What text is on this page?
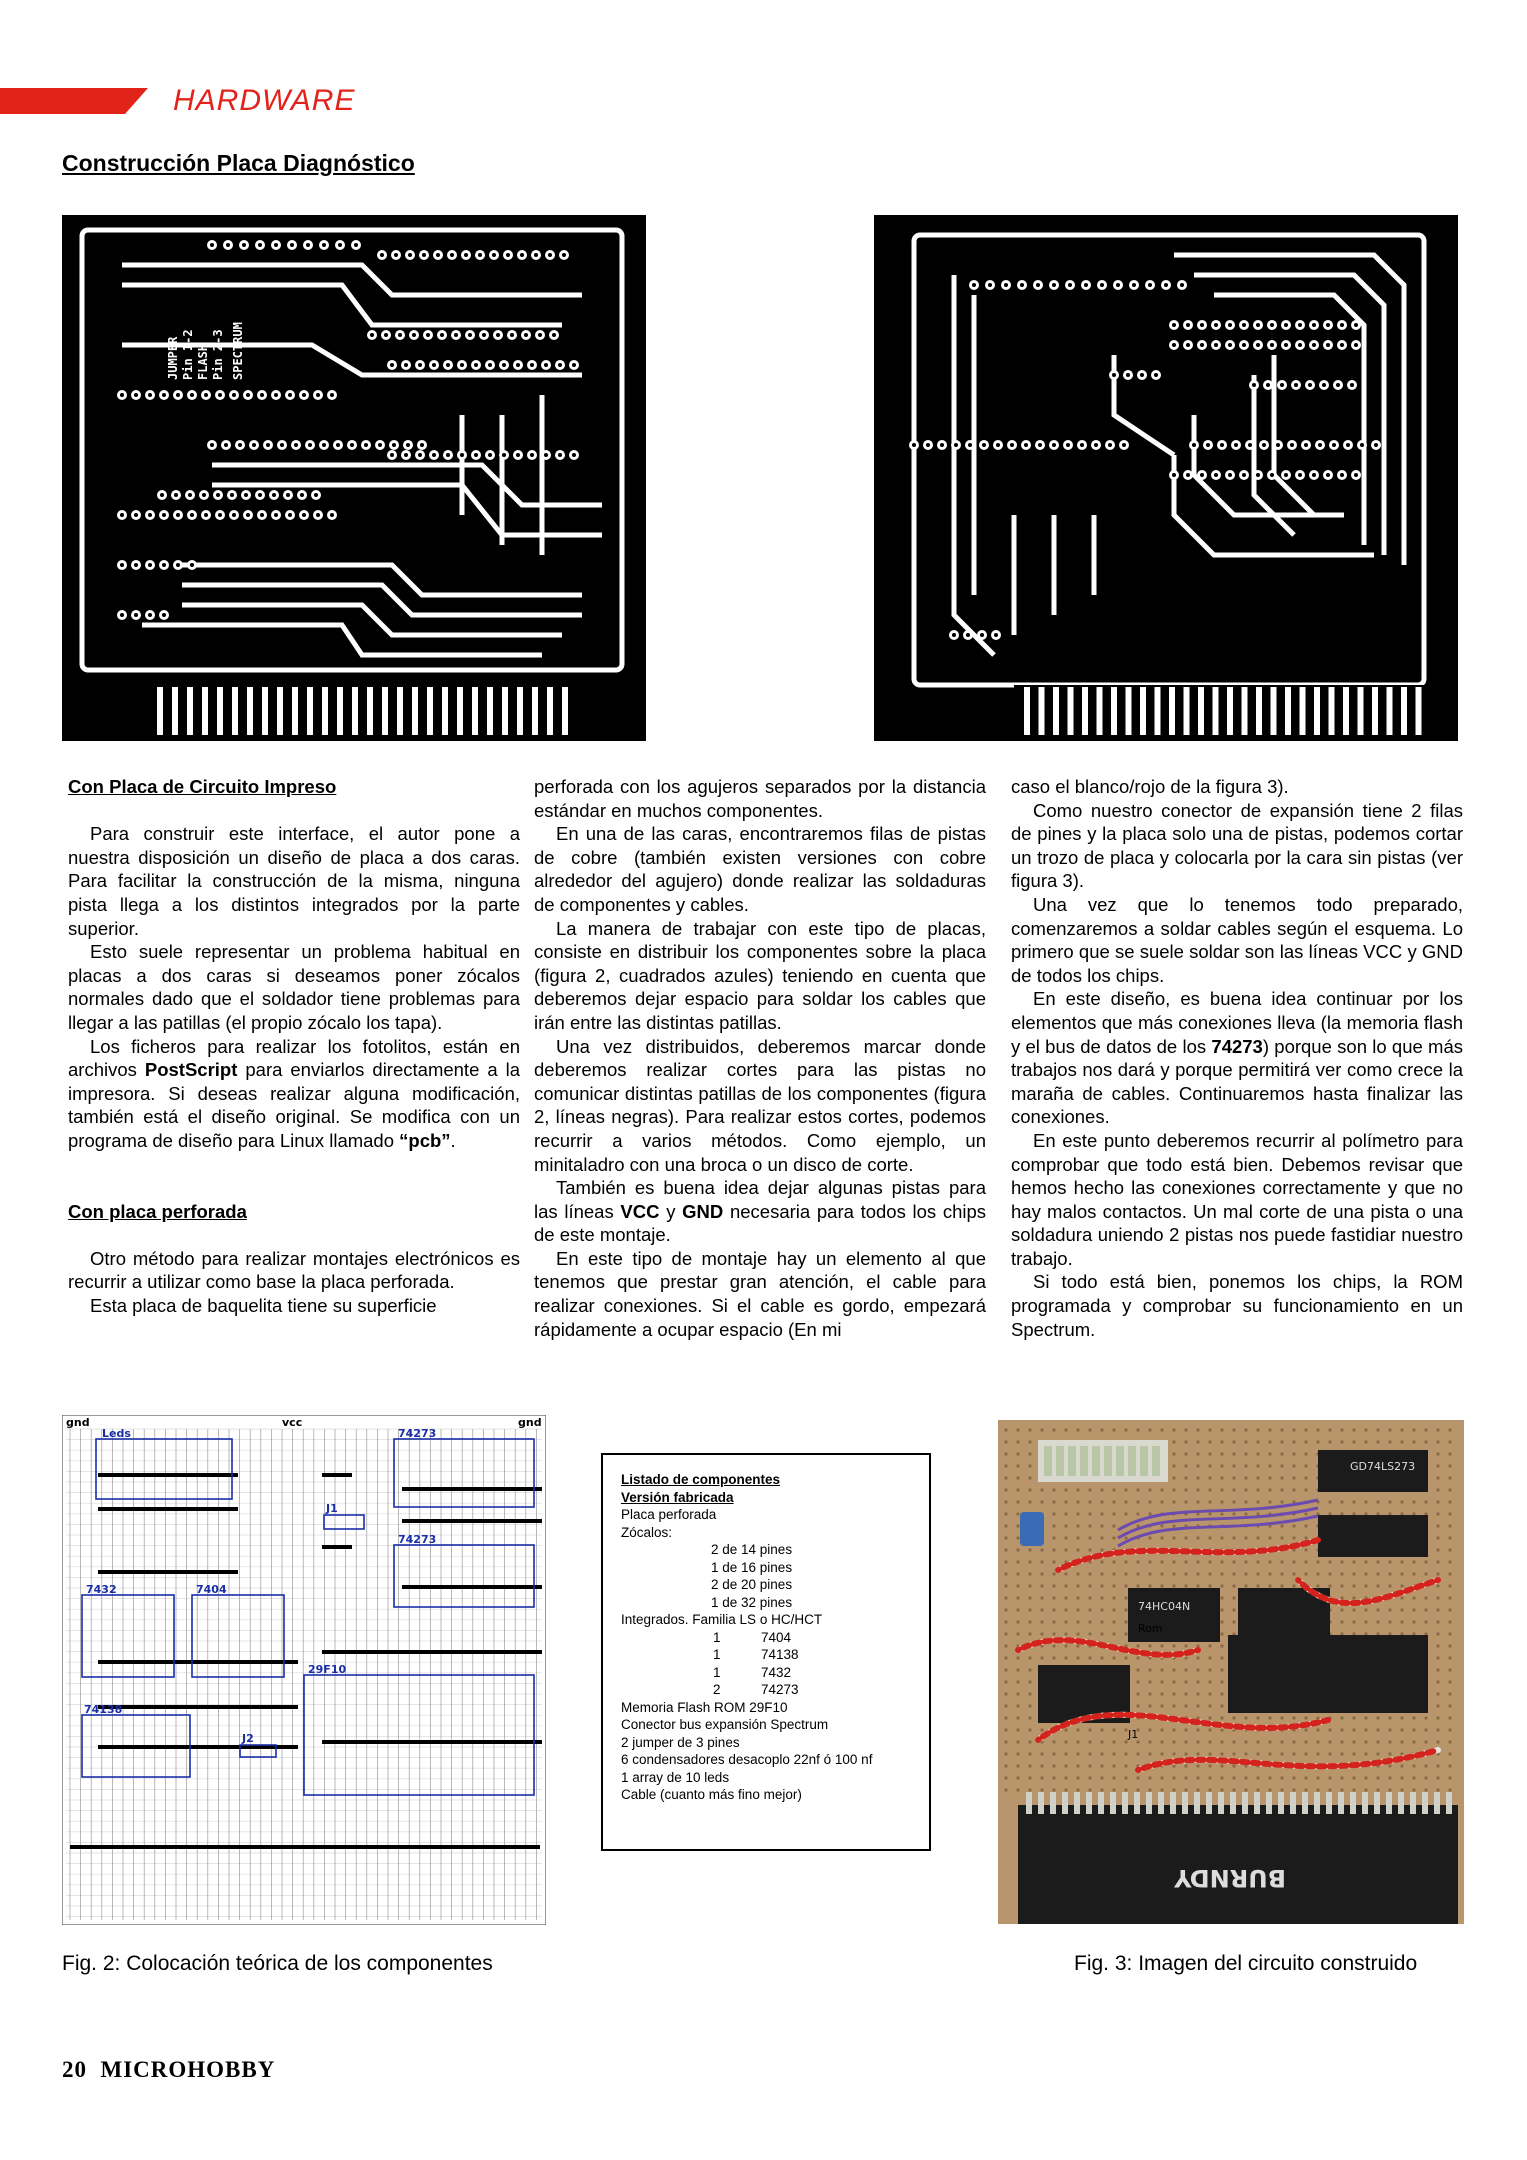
HARDWARE
Construcción Placa Diagnóstico
JUMPER Pin 1-2 FLASH Pin 2-3 SPECTRUM

Con Placa de Circuito Impreso

Para construir este interface, el autor pone a nuestra disposición un diseño de placa a dos caras. Para facilitar la construcción de la misma, ninguna pista llega a los distintos integrados por la parte superior.

Esto suele representar un problema habitual en placas a dos caras si deseamos poner zócalos normales dado que el soldador tiene problemas para llegar a las patillas (el propio zócalo los tapa).

Los ficheros para realizar los fotolitos, están en archivos PostScript para enviarlos directamente a la impresora. Si deseas realizar alguna modificación, también está el diseño original. Se modifica con un programa de diseño para Linux llamado “pcb”.

Con placa perforada

Otro método para realizar montajes electrónicos es recurrir a utilizar como base la placa perforada.

Esta placa de baquelita tiene su superficie

perforada con los agujeros separados por la distancia estándar en muchos componentes.

En una de las caras, encontraremos filas de pistas de cobre (también existen versiones con cobre alrededor del agujero) donde realizar las soldaduras de componentes y cables.

La manera de trabajar con este tipo de placas, consiste en distribuir los componentes sobre la placa (figura 2, cuadrados azules) teniendo en cuenta que deberemos dejar espacio para soldar los cables que irán entre las distintas patillas.

Una vez distribuidos, deberemos marcar donde deberemos realizar cortes para las pistas no comunicar distintas patillas de los componentes (figura 2, líneas negras). Para realizar estos cortes, podemos recurrir a varios métodos. Como ejemplo, un minitaladro con una broca o un disco de corte.

También es buena idea dejar algunas pistas para las líneas VCC y GND necesaria para todos los chips de este montaje.

En este tipo de montaje hay un elemento al que tenemos que prestar gran atención, el cable para realizar conexiones. Si el cable es gordo, empezará rápidamente a ocupar espacio (En mi

caso el blanco/rojo de la figura 3).

Como nuestro conector de expansión tiene 2 filas de pines y la placa solo una de pistas, podemos cortar un trozo de placa y colocarla por la cara sin pistas (ver figura 3).

Una vez que lo tenemos todo preparado, comenzaremos a soldar cables según el esquema. Lo primero que se suele soldar son las líneas VCC y GND de todos los chips.

En este diseño, es buena idea continuar por los elementos que más conexiones lleva (la memoria flash y el bus de datos de los 74273) porque son lo que más trabajos nos dará y porque permitirá ver como crece la maraña de cables. Continuaremos hasta finalizar las conexiones.

En este punto deberemos recurrir al polímetro para comprobar que todo está bien. Debemos revisar que hemos hecho las conexiones correctamente y que no hay malos contactos. Un mal corte de una pista o una soldadura uniendo 2 pistas nos puede fastidiar nuestro trabajo.

Si todo está bien, ponemos los chips, la ROM programada y comprobar su funcionamiento en un Spectrum.

gnd	vcc	gnd
Leds	74273
J1
74273
7432	7404
29F10
74138
J2
Listado de componentes
Versión fabricada
Placa perforada
Zócalos:
2 de 14 pines
1 de 16 pines
2 de 20 pines
1 de 32 pines
Integrados. Familia LS o HC/HCT
1	7404
1	74138
1	7432
2	74273
Memoria Flash ROM 29F10
Conector bus expansión Spectrum
2 jumper de 3 pines
6 condensadores desacoplo 22nf ó 100 nf
1 array de 10 leds
Cable (cuanto más fino mejor)
GD74LS273
74HC04N
Rom
BURNDY
J1
Fig. 2: Colocación teórica de los componentes	Fig. 3: Imagen del circuito construido
20 MICROHOBBY
